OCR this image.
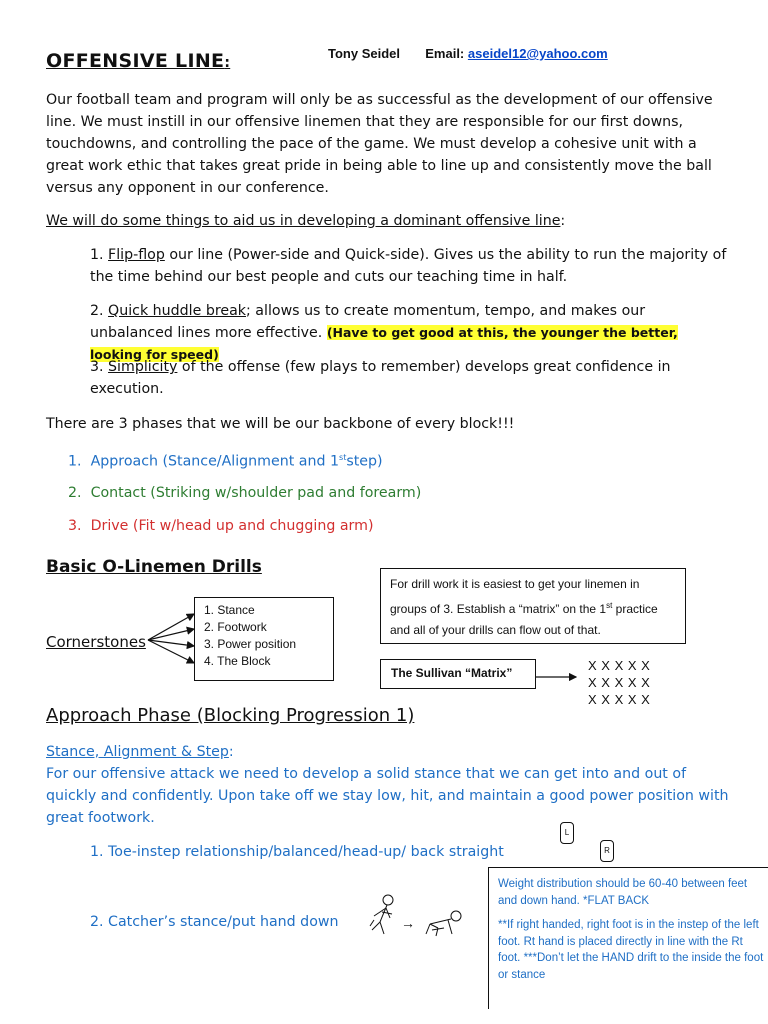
OFFENSIVE LINE:
Tony Seidel Email: aseidel12@yahoo.com
Our football team and program will only be as successful as the development of our offensive line. We must instill in our offensive linemen that they are responsible for our first downs, touchdowns, and controlling the pace of the game. We must develop a cohesive unit with a great work ethic that takes great pride in being able to line up and consistently move the ball versus any opponent in our conference.
We will do some things to aid us in developing a dominant offensive line:
1. Flip-flop our line (Power-side and Quick-side). Gives us the ability to run the majority of the time behind our best people and cuts our teaching time in half.
2. Quick huddle break; allows us to create momentum, tempo, and makes our unbalanced lines more effective. (Have to get good at this, the younger the better, looking for speed)
3. Simplicity of the offense (few plays to remember) develops great confidence in execution.
There are 3 phases that we will be our backbone of every block!!!
1. Approach (Stance/Alignment and 1ststep)
2. Contact (Striking w/shoulder pad and forearm)
3. Drive (Fit w/head up and chugging arm)
Basic O-Linemen Drills
For drill work it is easiest to get your linemen in groups of 3. Establish a “matrix” on the 1st practice and all of your drills can flow out of that.
Cornerstones
1. Stance
2. Footwork
3. Power position
4. The Block
The Sullivan “Matrix”	X X X X X
X X X X X
X X X X X
Approach Phase (Blocking Progression 1)
Stance, Alignment & Step:
For our offensive attack we need to develop a solid stance that we can get into and out of quickly and confidently. Upon take off we stay low, hit, and maintain a good power position with great footwork.
1. Toe-instep relationship/balanced/head-up/ back straight
L
R
2. Catcher’s stance/put hand down	→
Weight distribution should be 60-40 between feet and down hand. *FLAT BACK
**If right handed, right foot is in the instep of the left foot. Rt hand is placed directly in line with the Rt foot. ***Don’t let the HAND drift to the inside the foot or stance
